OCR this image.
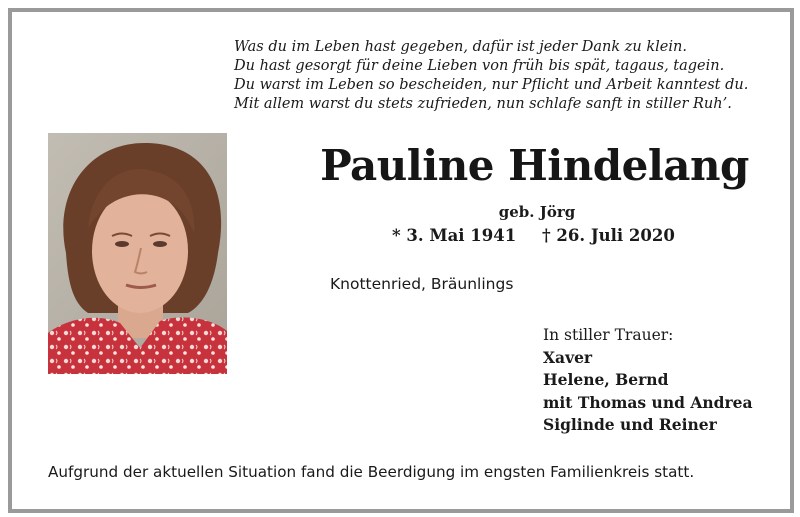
Was du im Leben hast gegeben, dafür ist jeder Dank zu klein.
Du hast gesorgt für deine Lieben von früh bis spät, tagaus, tagein.
Du warst im Leben so bescheiden, nur Pflicht und Arbeit kanntest du.
Mit allem warst du stets zufrieden, nun schlafe sanft in stiller Ruh’.
Pauline Hindelang
geb. Jörg
* 3. Mai 1941 † 26. Juli 2020
Knottenried, Bräunlings
In stiller Trauer:
Xaver
Helene, Bernd
mit Thomas und Andrea
Siglinde und Reiner
Aufgrund der aktuellen Situation fand die Beerdigung im engsten Familienkreis statt.
